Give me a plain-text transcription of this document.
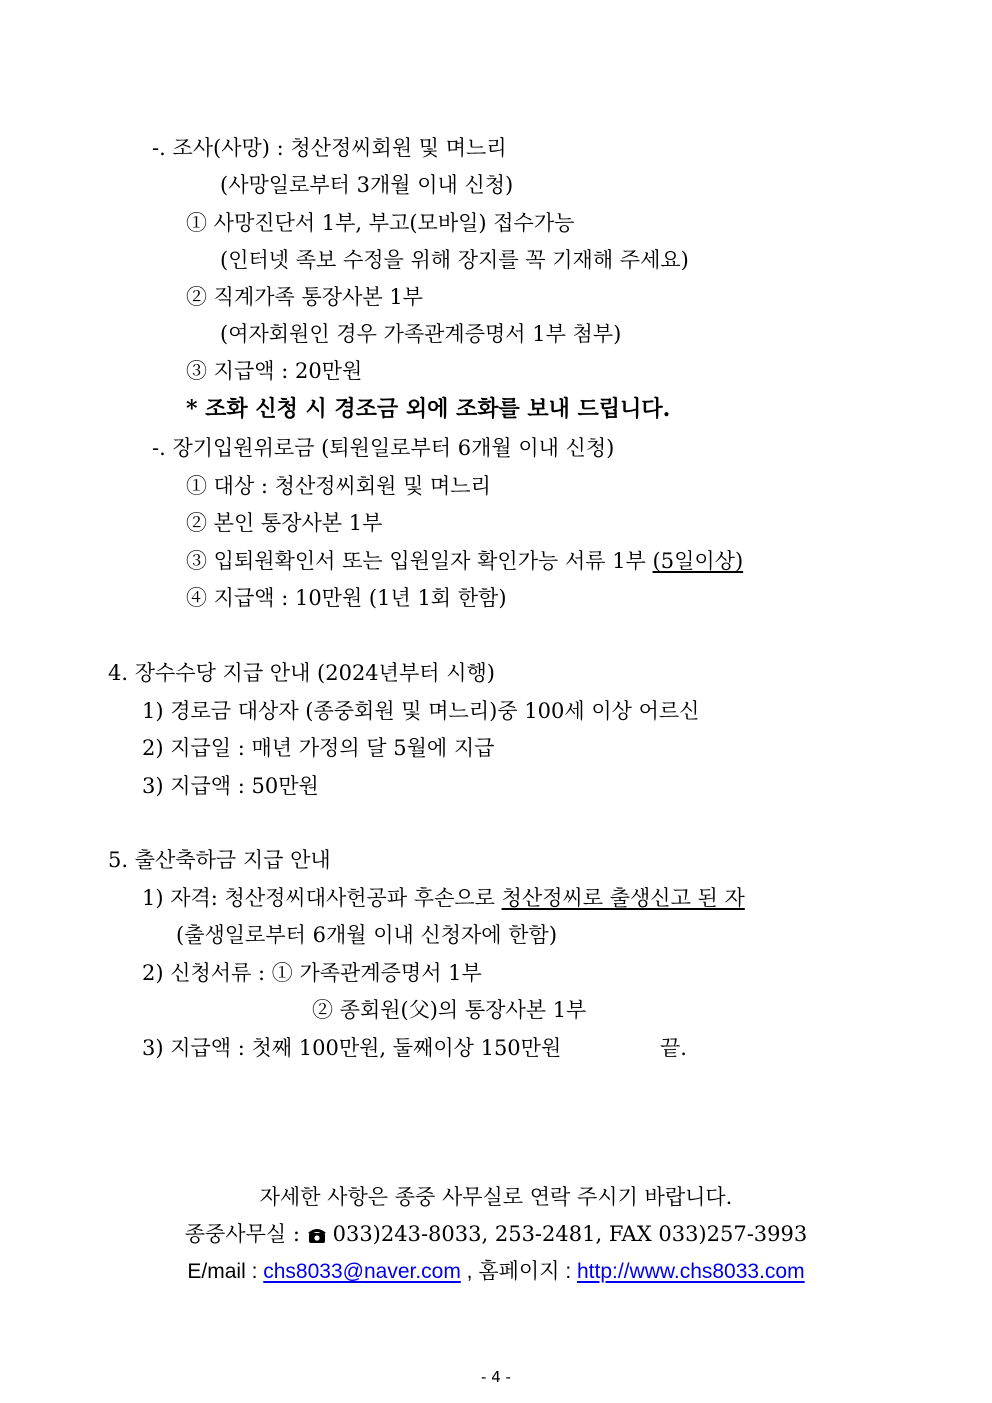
-. 조사(사망) : 청산정씨회원 및 며느리
(사망일로부터 3개월 이내 신청)
① 사망진단서 1부, 부고(모바일) 접수가능
(인터넷 족보 수정을 위해 장지를 꼭 기재해 주세요)
② 직계가족 통장사본 1부
(여자회원인 경우 가족관계증명서 1부 첨부)
③ 지급액 : 20만원
* 조화 신청 시 경조금 외에 조화를 보내 드립니다.
-. 장기입원위로금 (퇴원일로부터 6개월 이내 신청)
① 대상 : 청산정씨회원 및 며느리
② 본인 통장사본 1부
③ 입퇴원확인서 또는 입원일자 확인가능 서류 1부 (5일이상)
④ 지급액 : 10만원 (1년 1회 한함)
4. 장수수당 지급 안내 (2024년부터 시행)
1) 경로금 대상자 (종중회원 및 며느리)중 100세 이상 어르신
2) 지급일 : 매년 가정의 달 5월에 지급
3) 지급액 : 50만원
5. 출산축하금 지급 안내
1) 자격: 청산정씨대사헌공파 후손으로 청산정씨로 출생신고 된 자
(출생일로부터 6개월 이내 신청자에 한함)
2) 신청서류 : ① 가족관계증명서 1부
② 종회원(父)의 통장사본 1부
3) 지급액 : 첫째 100만원, 둘째이상 150만원	끝.
자세한 사항은 종중 사무실로 연락 주시기 바랍니다.
종중사무실 : 033)243-8033, 253-2481, FAX 033)257-3993
E/mail : chs8033@naver.com , 홈페이지 : http://www.chs8033.com
- 4 -
